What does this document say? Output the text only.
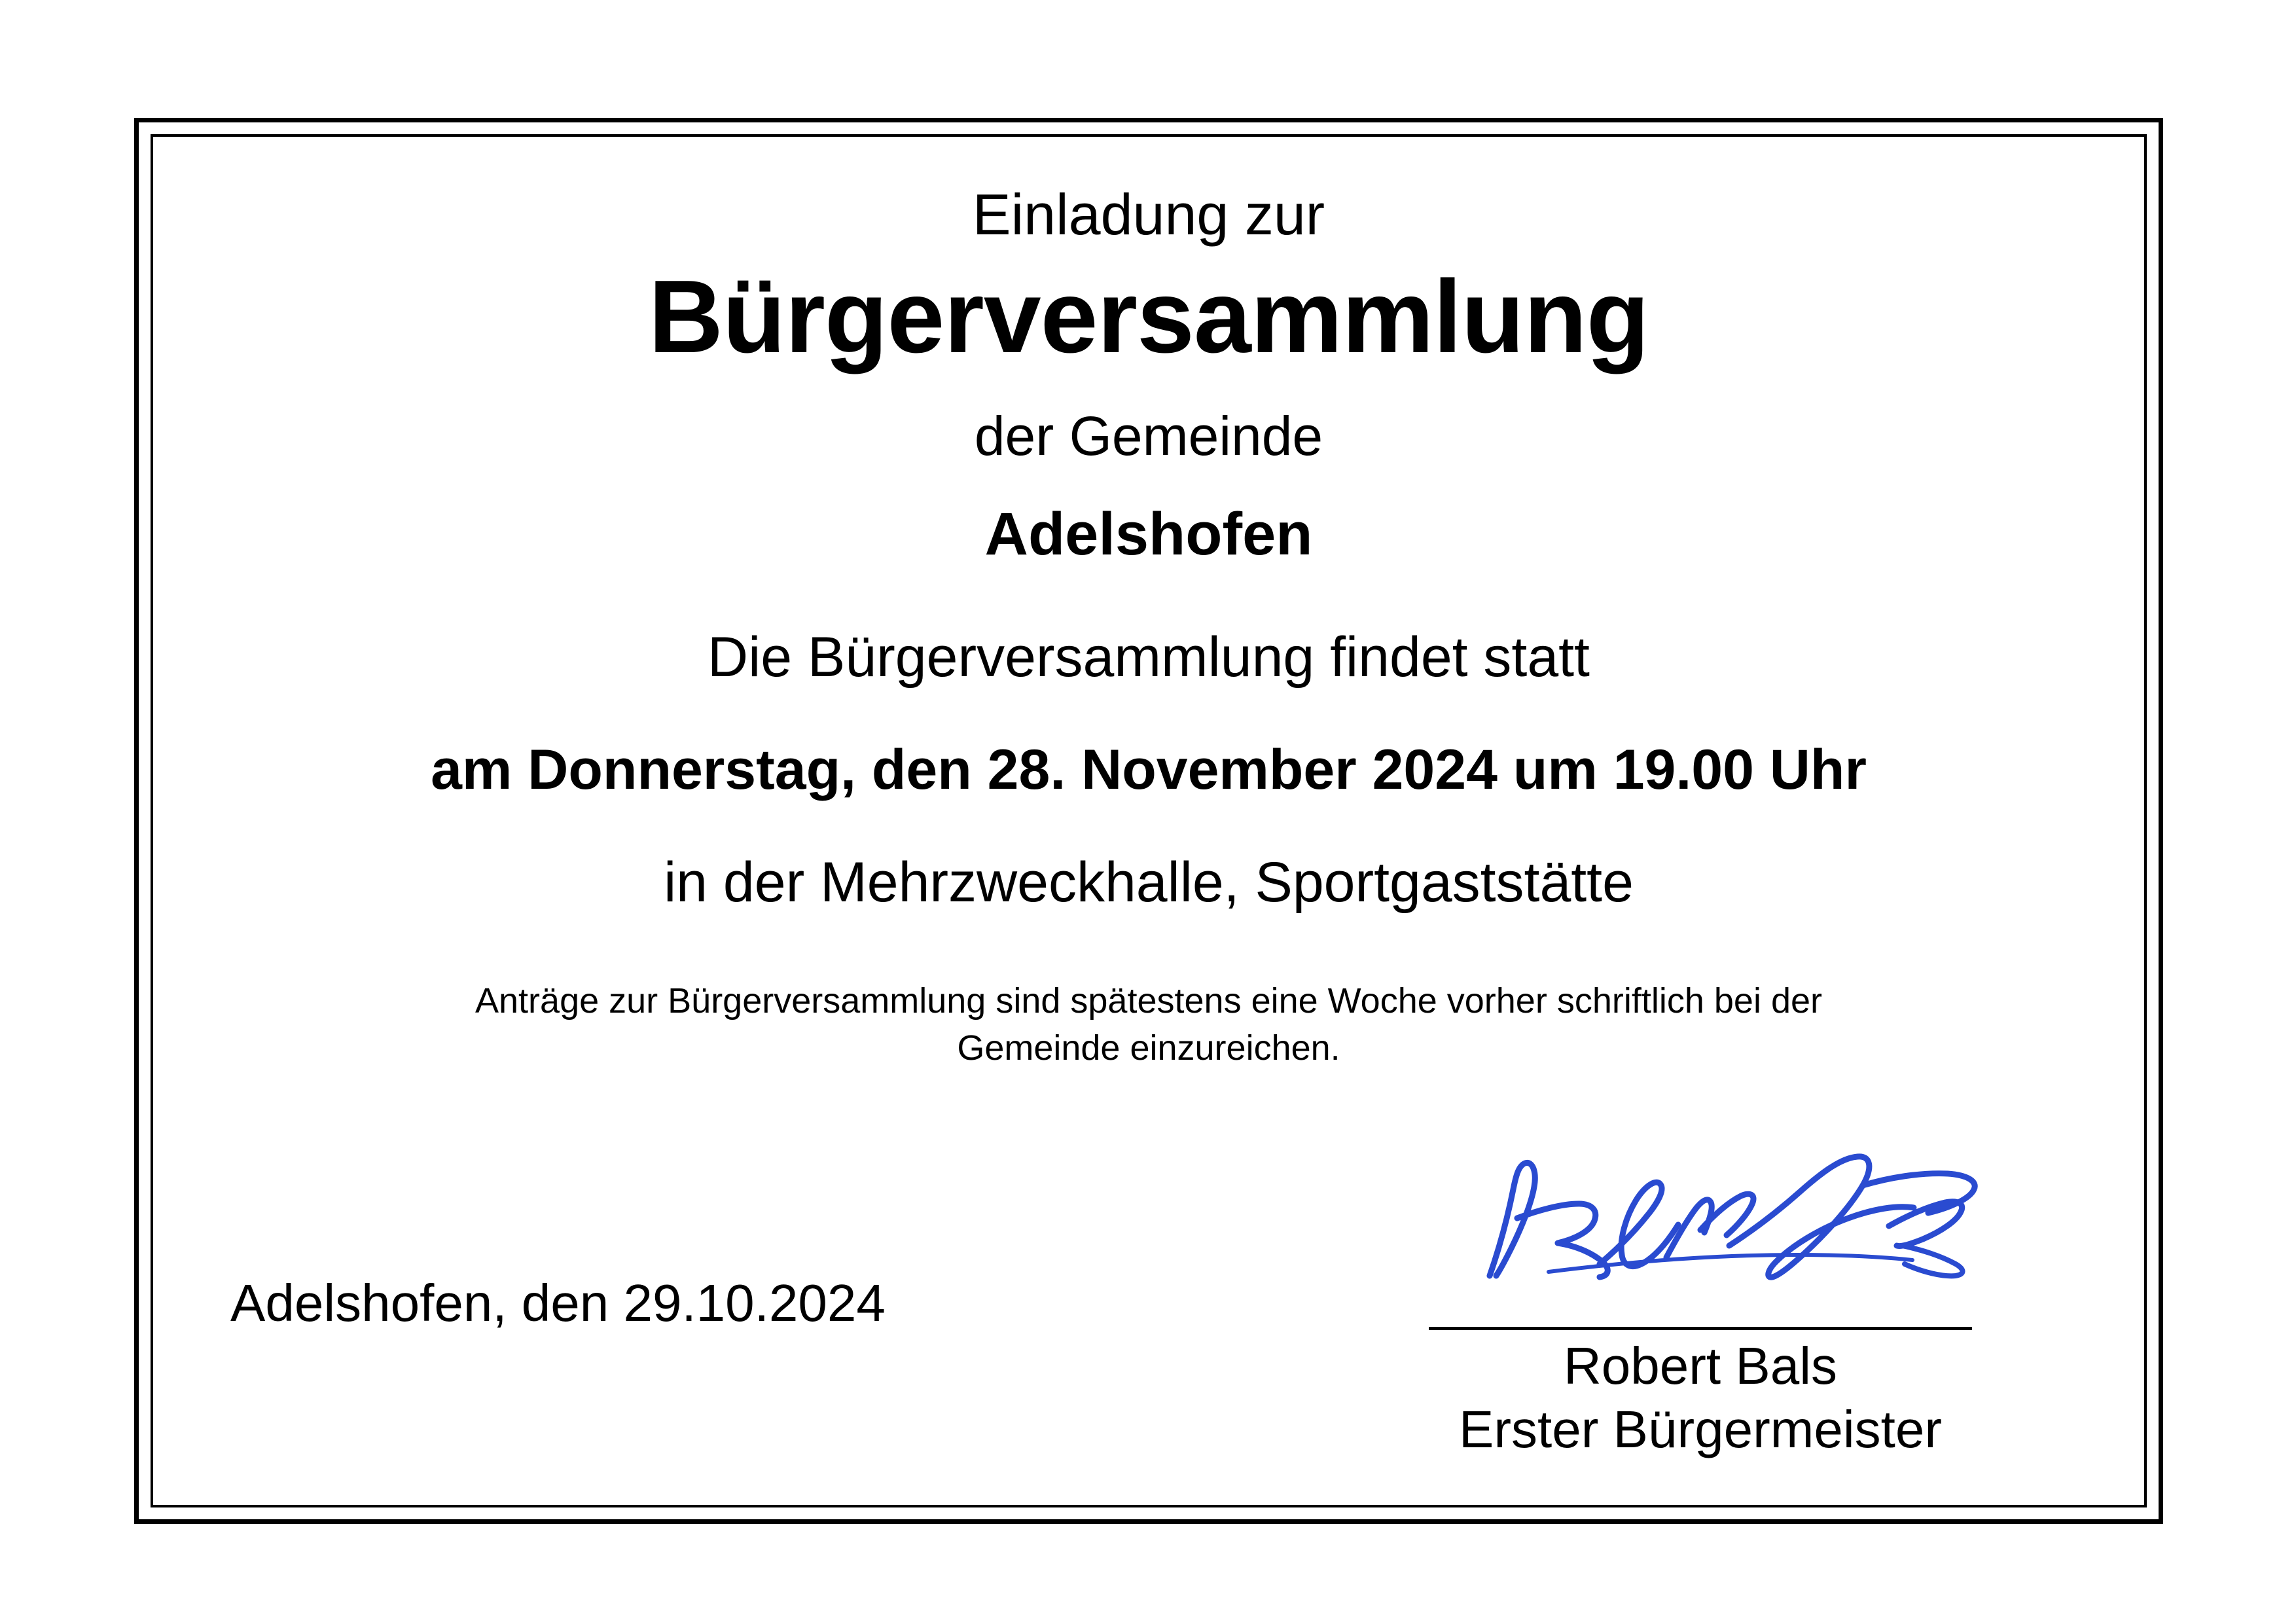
Einladung zur
Bürgerversammlung
der Gemeinde
Adelshofen
Die Bürgerversammlung findet statt
am Donnerstag, den 28. November 2024 um 19.00 Uhr
in der Mehrzweckhalle, Sportgaststätte
Anträge zur Bürgerversammlung sind spätestens eine Woche vorher schriftlich bei der Gemeinde einzureichen.
Adelshofen, den 29.10.2024
Robert Bals
Erster Bürgermeister
